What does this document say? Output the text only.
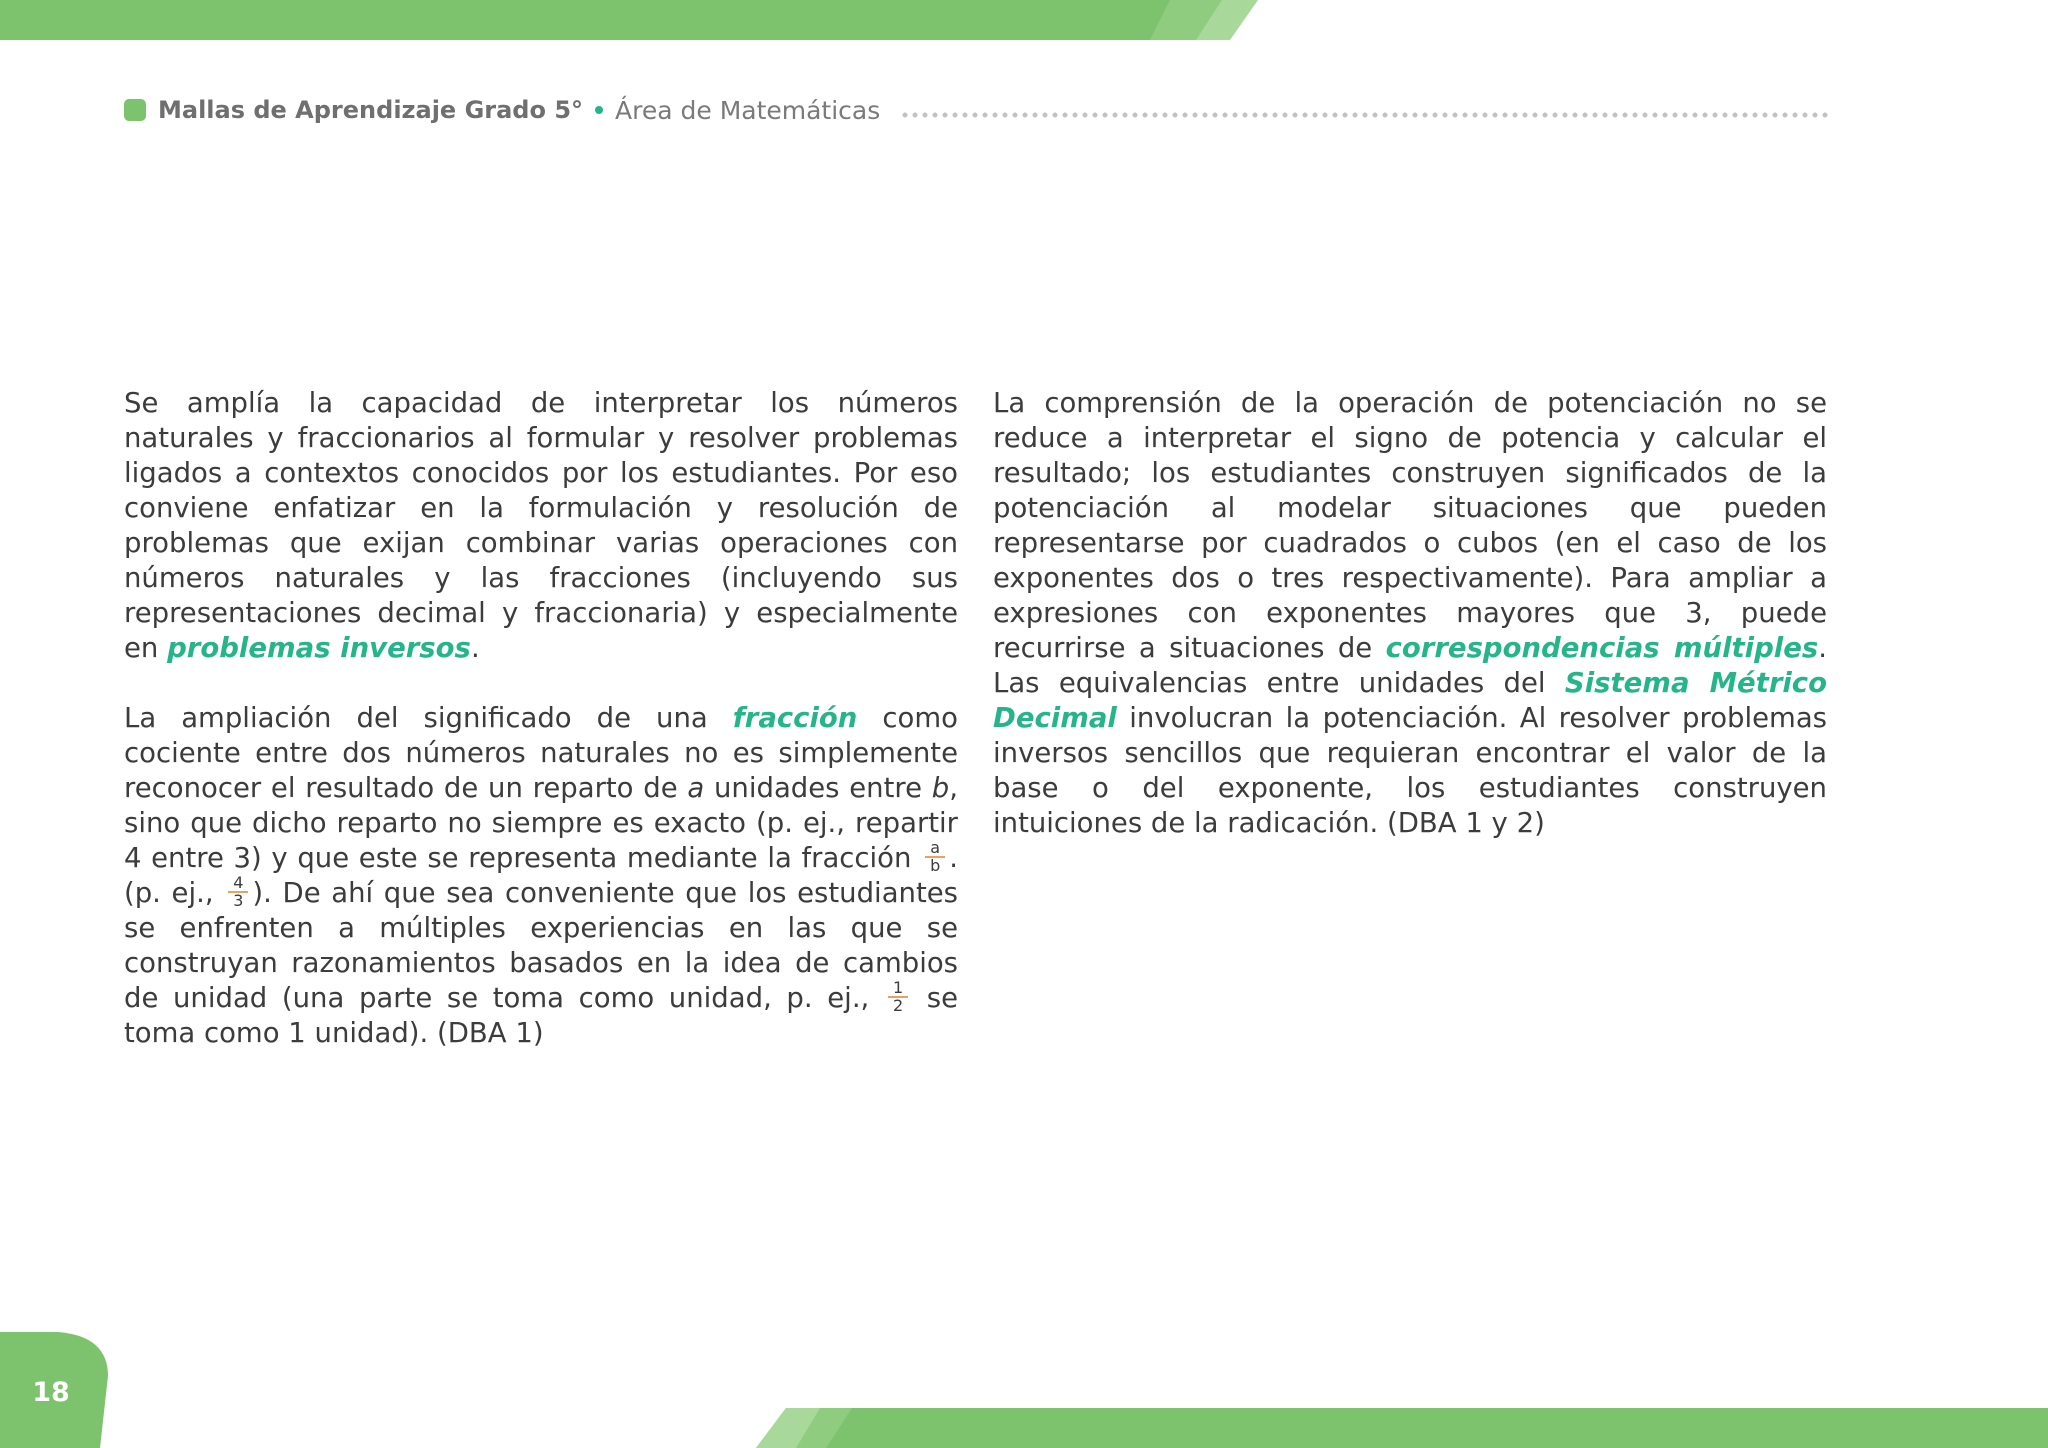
Mallas de Aprendizaje Grado 5° Área de Matemáticas

Se amplía la capacidad de interpretar los números naturales y fraccionarios al formular y resolver problemas ligados a contextos conocidos por los estudiantes. Por eso conviene enfatizar en la formulación y resolución de problemas que exijan combinar varias operaciones con números naturales y las fracciones (incluyendo sus representaciones decimal y fraccionaria) y especialmente en problemas inversos.

La ampliación del significado de una fracción como cociente entre dos números naturales no es simplemente reconocer el resultado de un reparto de a unidades entre b, sino que dicho reparto no siempre es exacto (p. ej., repartir 4 entre 3) y que este se representa mediante la fracción $\frac{a}{b}$ . (p. ej., $\frac{4}{3}$ ). De ahí que sea conveniente que los estudiantes se enfrenten a múltiples experiencias en las que se construyan razonamientos basados en la idea de cambios de unidad (una parte se toma como unidad, p. ej., $\frac{1}{2}$ se toma como 1 unidad). (DBA 1)

La comprensión de la operación de potenciación no se reduce a interpretar el signo de potencia y calcular el resultado; los estudiantes construyen significados de la potenciación al modelar situaciones que pueden representarse por cuadrados o cubos (en el caso de los exponentes dos o tres respectivamente). Para ampliar a expresiones con exponentes mayores que 3, puede recurrirse a situaciones de correspondencias múltiples. Las equivalencias entre unidades del Sistema Métrico Decimal involucran la potenciación. Al resolver problemas inversos sencillos que requieran encontrar el valor de la base o del exponente, los estudiantes construyen intuiciones de la radicación. (DBA 1 y 2)

18
